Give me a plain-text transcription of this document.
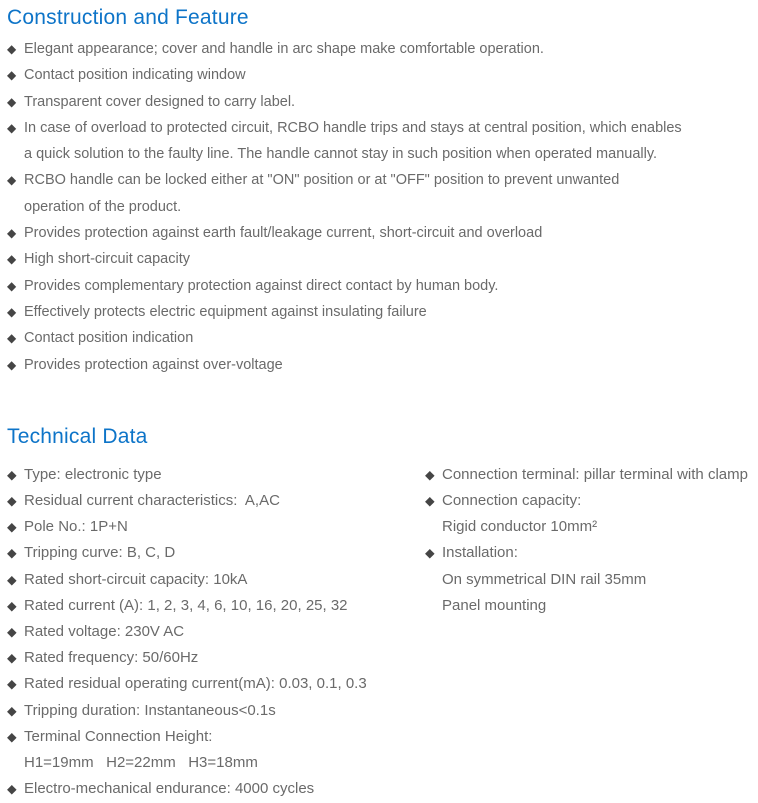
Construction and Feature
◆ Elegant appearance; cover and handle in arc shape make comfortable operation.
◆ Contact position indicating window
◆ Transparent cover designed to carry label.
◆ In case of overload to protected circuit, RCBO handle trips and stays at central position, which enables
a quick solution to the faulty line. The handle cannot stay in such position when operated manually.
◆ RCBO handle can be locked either at "ON" position or at "OFF" position to prevent unwanted
operation of the product.
◆ Provides protection against earth fault/leakage current, short-circuit and overload
◆ High short-circuit capacity
◆ Provides complementary protection against direct contact by human body.
◆ Effectively protects electric equipment against insulating failure
◆ Contact position indication
◆ Provides protection against over-voltage
Technical Data
◆ Type: electronic type
◆ Residual current characteristics:  A,AC
◆ Pole No.: 1P+N
◆ Tripping curve: B, C, D
◆ Rated short-circuit capacity: 10kA
◆ Rated current (A): 1, 2, 3, 4, 6, 10, 16, 20, 25, 32
◆ Rated voltage: 230V AC
◆ Rated frequency: 50/60Hz
◆ Rated residual operating current(mA): 0.03, 0.1, 0.3
◆ Tripping duration: Instantaneous<0.1s
◆ Terminal Connection Height:
H1=19mm   H2=22mm   H3=18mm
◆ Electro-mechanical endurance: 4000 cycles
◆ Connection terminal: pillar terminal with clamp
◆ Connection capacity:
Rigid conductor 10mm²
◆ Installation:
On symmetrical DIN rail 35mm
Panel mounting
